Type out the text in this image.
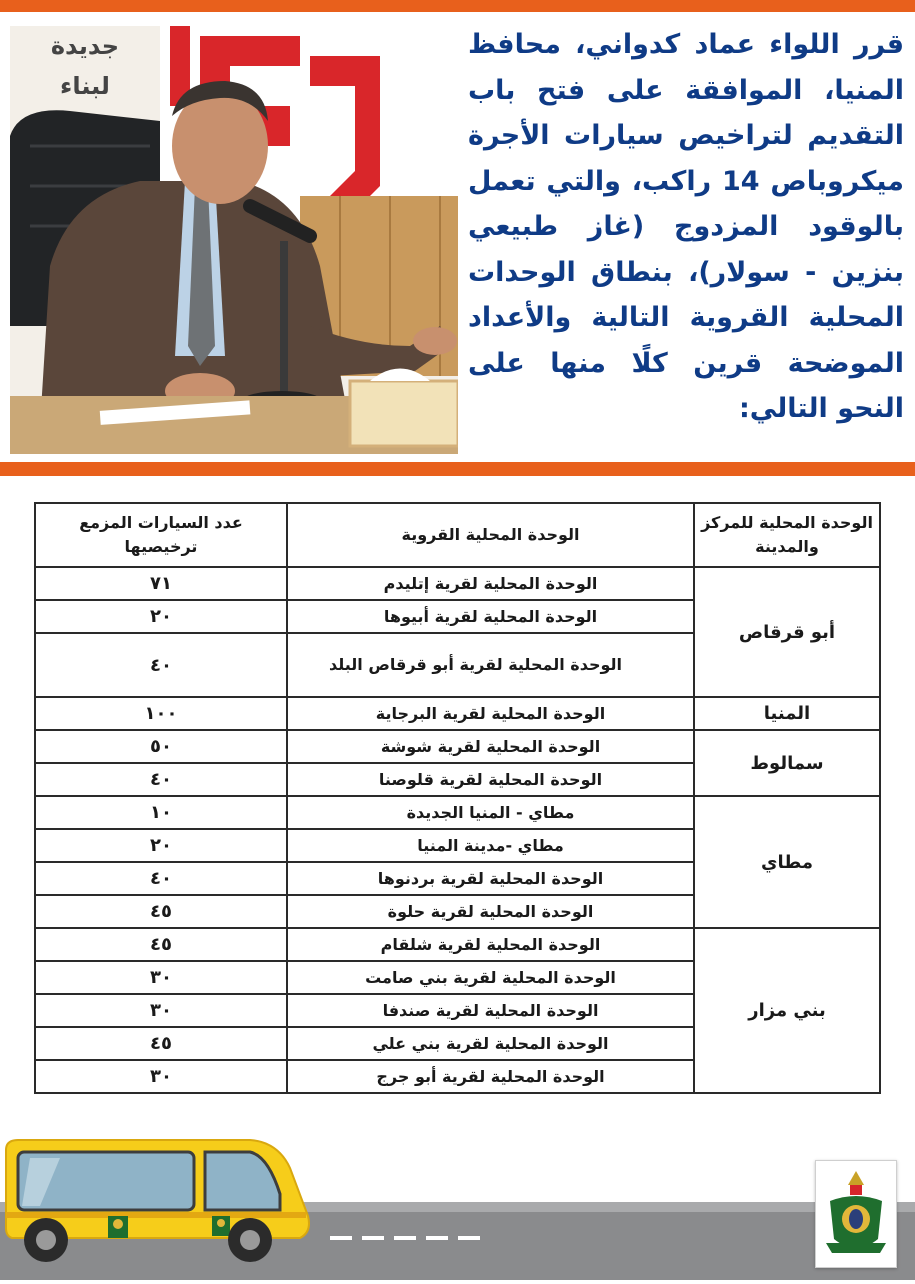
جديدة
لبناء
قرر اللواء عماد كدواني، محافظ المنيا، الموافقة على فتح باب التقديم لتراخيص سيارات الأجرة ميكروباص 14 راكب، والتي تعمل بالوقود المزدوج (غاز طبيعي بنزين - سولار)، بنطاق الوحدات المحلية القروية التالية والأعداد الموضحة قرين كلًا منها على النحو التالي:
الوحدة المحلية للمركز والمدينة	الوحدة المحلية القروية	عدد السيارات المزمع ترخيصيها
أبو قرقاص	الوحدة المحلية لقرية إتليدم	٧١
	الوحدة المحلية لقرية أبيوها	٢٠
	الوحدة المحلية لقرية أبو قرقاص البلد	٤٠
المنيا	الوحدة المحلية لقرية البرجاية	١٠٠
سمالوط	الوحدة المحلية لقرية شوشة	٥٠
	الوحدة المحلية لقرية قلوصنا	٤٠
مطاي	مطاي - المنيا الجديدة	١٠
	مطاي -مدينة المنيا	٢٠
	الوحدة المحلية لقرية بردنوها	٤٠
	الوحدة المحلية لقرية حلوة	٤٥
بني مزار	الوحدة المحلية لقرية شلقام	٤٥
	الوحدة المحلية لقرية بني صامت	٣٠
	الوحدة المحلية لقرية صندفا	٣٠
	الوحدة المحلية لقرية بني علي	٤٥
	الوحدة المحلية لقرية أبو جرج	٣٠
